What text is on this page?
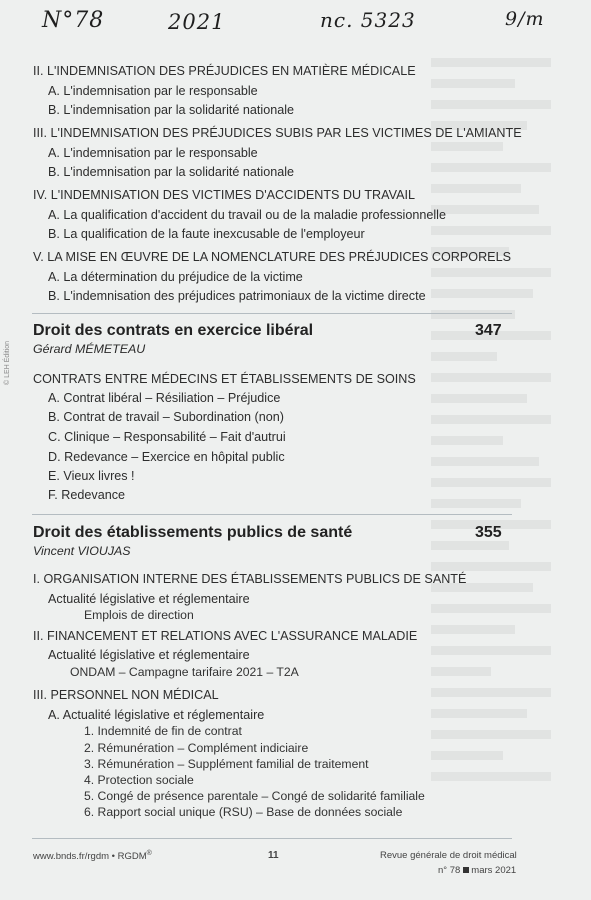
N°78	2021	nc. 5323	9/m
© LEH Édition
II. L'INDEMNISATION DES PRÉJUDICES EN MATIÈRE MÉDICALE
A. L'indemnisation par le responsable
B. L'indemnisation par la solidarité nationale
III. L'INDEMNISATION DES PRÉJUDICES SUBIS PAR LES VICTIMES DE L'AMIANTE
A. L'indemnisation par le responsable
B. L'indemnisation par la solidarité nationale
IV. L'INDEMNISATION DES VICTIMES D'ACCIDENTS DU TRAVAIL
A. La qualification d'accident du travail ou de la maladie professionnelle
B. La qualification de la faute inexcusable de l'employeur
V. LA MISE EN ŒUVRE DE LA NOMENCLATURE DES PRÉJUDICES CORPORELS
A. La détermination du préjudice de la victime
B. L'indemnisation des préjudices patrimoniaux de la victime directe
Droit des contrats en exercice libéral	347
Gérard MÉMETEAU
CONTRATS ENTRE MÉDECINS ET ÉTABLISSEMENTS DE SOINS
A. Contrat libéral – Résiliation – Préjudice
B. Contrat de travail – Subordination (non)
C. Clinique – Responsabilité – Fait d'autrui
D. Redevance – Exercice en hôpital public
E. Vieux livres !
F. Redevance
Droit des établissements publics de santé	355
Vincent VIOUJAS
I. ORGANISATION INTERNE DES ÉTABLISSEMENTS PUBLICS DE SANTÉ
Actualité législative et réglementaire
Emplois de direction
II. FINANCEMENT ET RELATIONS AVEC L'ASSURANCE MALADIE
Actualité législative et réglementaire
ONDAM – Campagne tarifaire 2021 – T2A
III. PERSONNEL NON MÉDICAL
A. Actualité législative et réglementaire
1. Indemnité de fin de contrat
2. Rémunération – Complément indiciaire
3. Rémunération – Supplément familial de traitement
4. Protection sociale
5. Congé de présence parentale – Congé de solidarité familiale
6. Rapport social unique (RSU) – Base de données sociale
www.bnds.fr/rgdm • RGDM®	11	Revue générale de droit médical
n° 78 mars 2021
